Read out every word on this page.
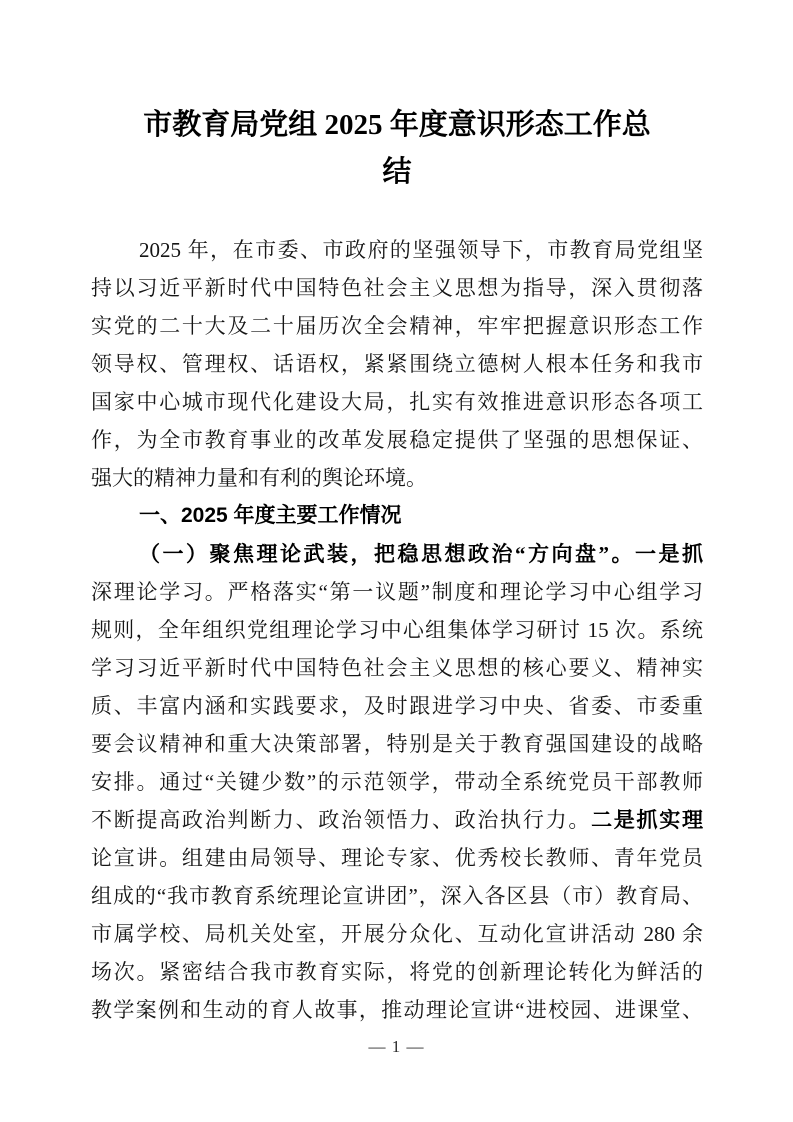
市教育局党组 2025 年度意识形态工作总
结
2025 年，在市委、市政府的坚强领导下，市教育局党组坚
持以习近平新时代中国特色社会主义思想为指导，深入贯彻落
实党的二十大及二十届历次全会精神，牢牢把握意识形态工作
领导权、管理权、话语权，紧紧围绕立德树人根本任务和我市
国家中心城市现代化建设大局，扎实有效推进意识形态各项工
作，为全市教育事业的改革发展稳定提供了坚强的思想保证、
强大的精神力量和有利的舆论环境。
一、2025 年度主要工作情况
（一）聚焦理论武装，把稳思想政治“方向盘”。一是抓
深理论学习。严格落实“第一议题”制度和理论学习中心组学习
规则，全年组织党组理论学习中心组集体学习研讨 15 次。系统
学习习近平新时代中国特色社会主义思想的核心要义、精神实
质、丰富内涵和实践要求，及时跟进学习中央、省委、市委重
要会议精神和重大决策部署，特别是关于教育强国建设的战略
安排。通过“关键少数”的示范领学，带动全系统党员干部教师
不断提高政治判断力、政治领悟力、政治执行力。二是抓实理
论宣讲。组建由局领导、理论专家、优秀校长教师、青年党员
组成的“我市教育系统理论宣讲团”，深入各区县（市）教育局、
市属学校、局机关处室，开展分众化、互动化宣讲活动 280 余
场次。紧密结合我市教育实际，将党的创新理论转化为鲜活的
教学案例和生动的育人故事，推动理论宣讲“进校园、进课堂、
— 1 —
